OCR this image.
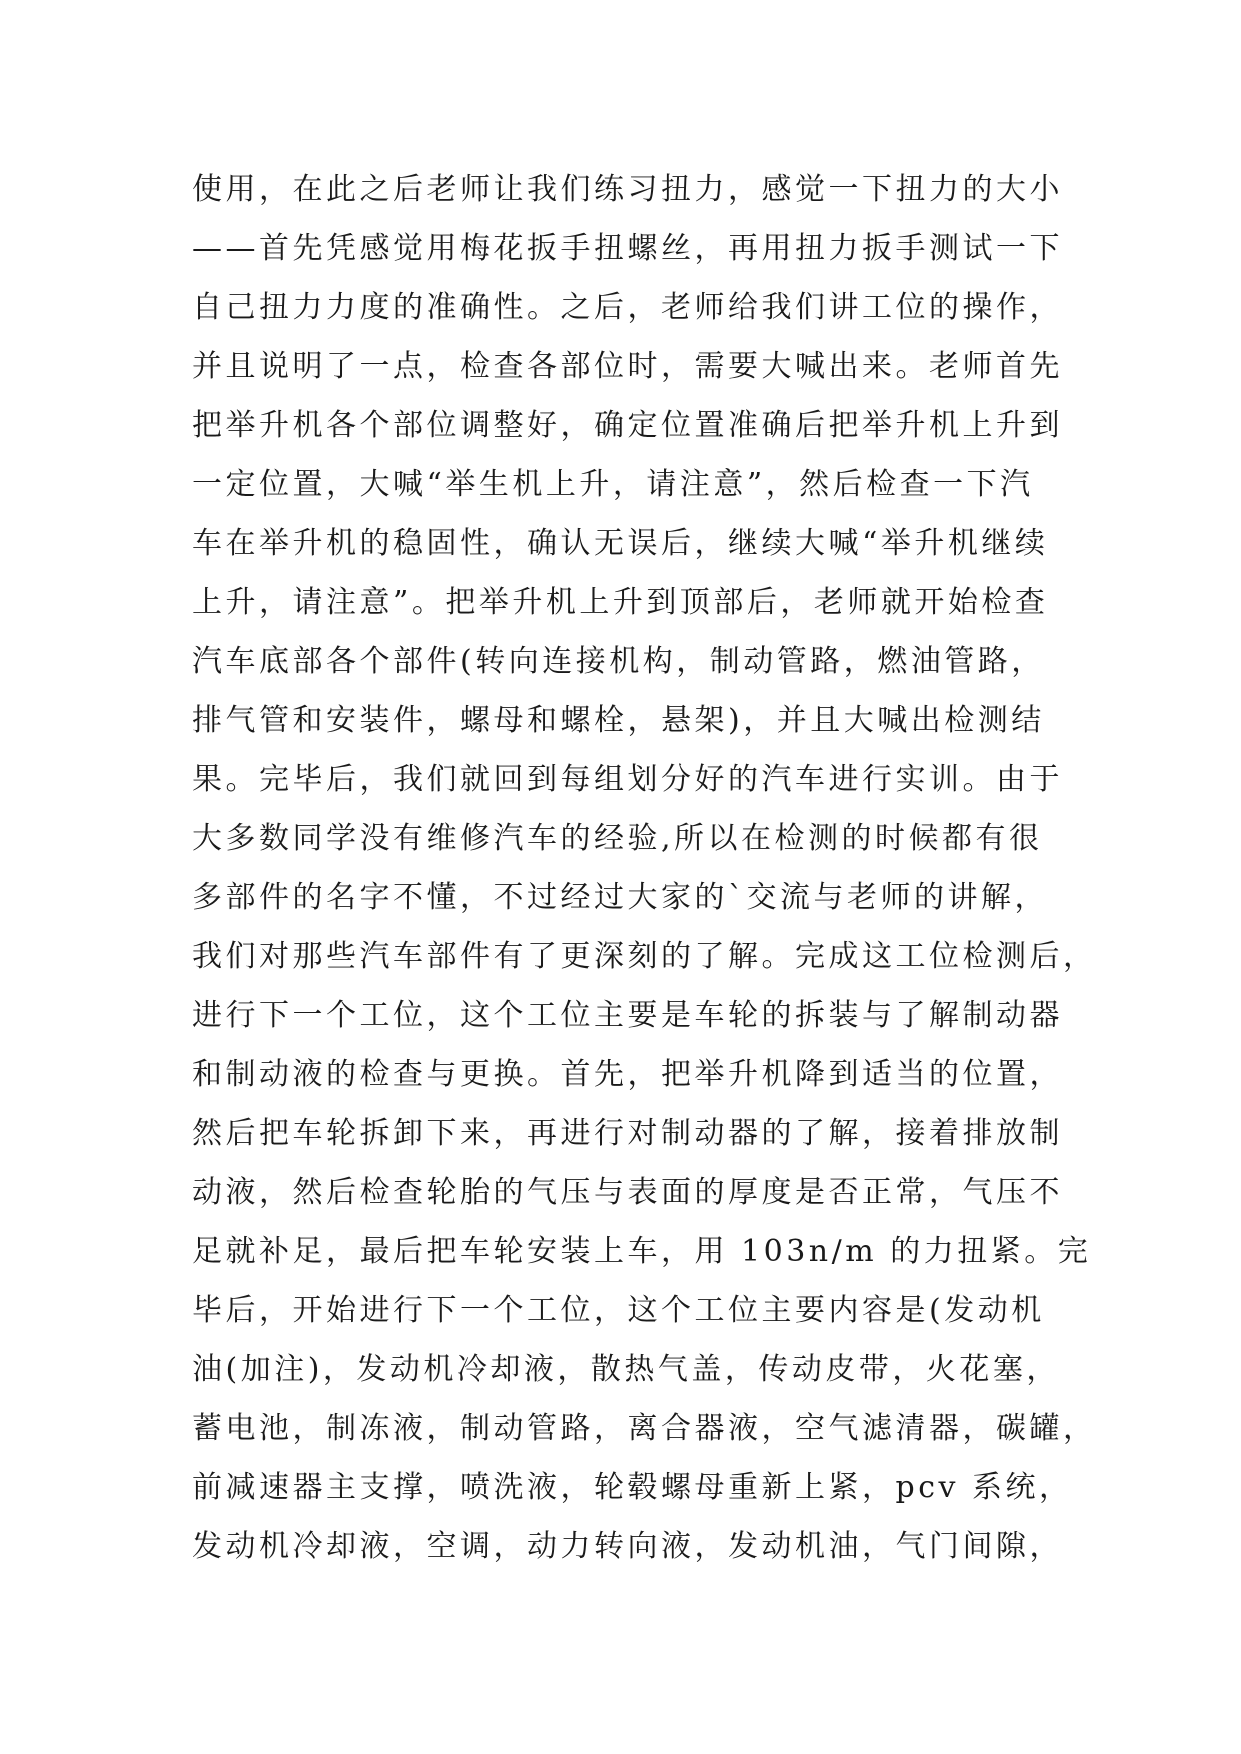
使用，在此之后老师让我们练习扭力，感觉一下扭力的大小
——首先凭感觉用梅花扳手扭螺丝，再用扭力扳手测试一下
自己扭力力度的准确性。之后，老师给我们讲工位的操作，
并且说明了一点，检查各部位时，需要大喊出来。老师首先
把举升机各个部位调整好，确定位置准确后把举升机上升到
一定位置，大喊“举生机上升，请注意”，然后检查一下汽
车在举升机的稳固性，确认无误后，继续大喊“举升机继续
上升，请注意”。把举升机上升到顶部后，老师就开始检查
汽车底部各个部件(转向连接机构，制动管路，燃油管路，
排气管和安装件，螺母和螺栓，悬架)，并且大喊出检测结
果。完毕后，我们就回到每组划分好的汽车进行实训。由于
大多数同学没有维修汽车的经验,所以在检测的时候都有很
多部件的名字不懂，不过经过大家的`交流与老师的讲解，
我们对那些汽车部件有了更深刻的了解。完成这工位检测后，
进行下一个工位，这个工位主要是车轮的拆装与了解制动器
和制动液的检查与更换。首先，把举升机降到适当的位置，
然后把车轮拆卸下来，再进行对制动器的了解，接着排放制
动液，然后检查轮胎的气压与表面的厚度是否正常，气压不
足就补足，最后把车轮安装上车，用 103n/m 的力扭紧。完
毕后，开始进行下一个工位，这个工位主要内容是(发动机
油(加注)，发动机冷却液，散热气盖，传动皮带，火花塞，
蓄电池，制冻液，制动管路，离合器液，空气滤清器，碳罐，
前减速器主支撑，喷洗液，轮毂螺母重新上紧，pcv 系统，
发动机冷却液，空调，动力转向液，发动机油，气门间隙，
